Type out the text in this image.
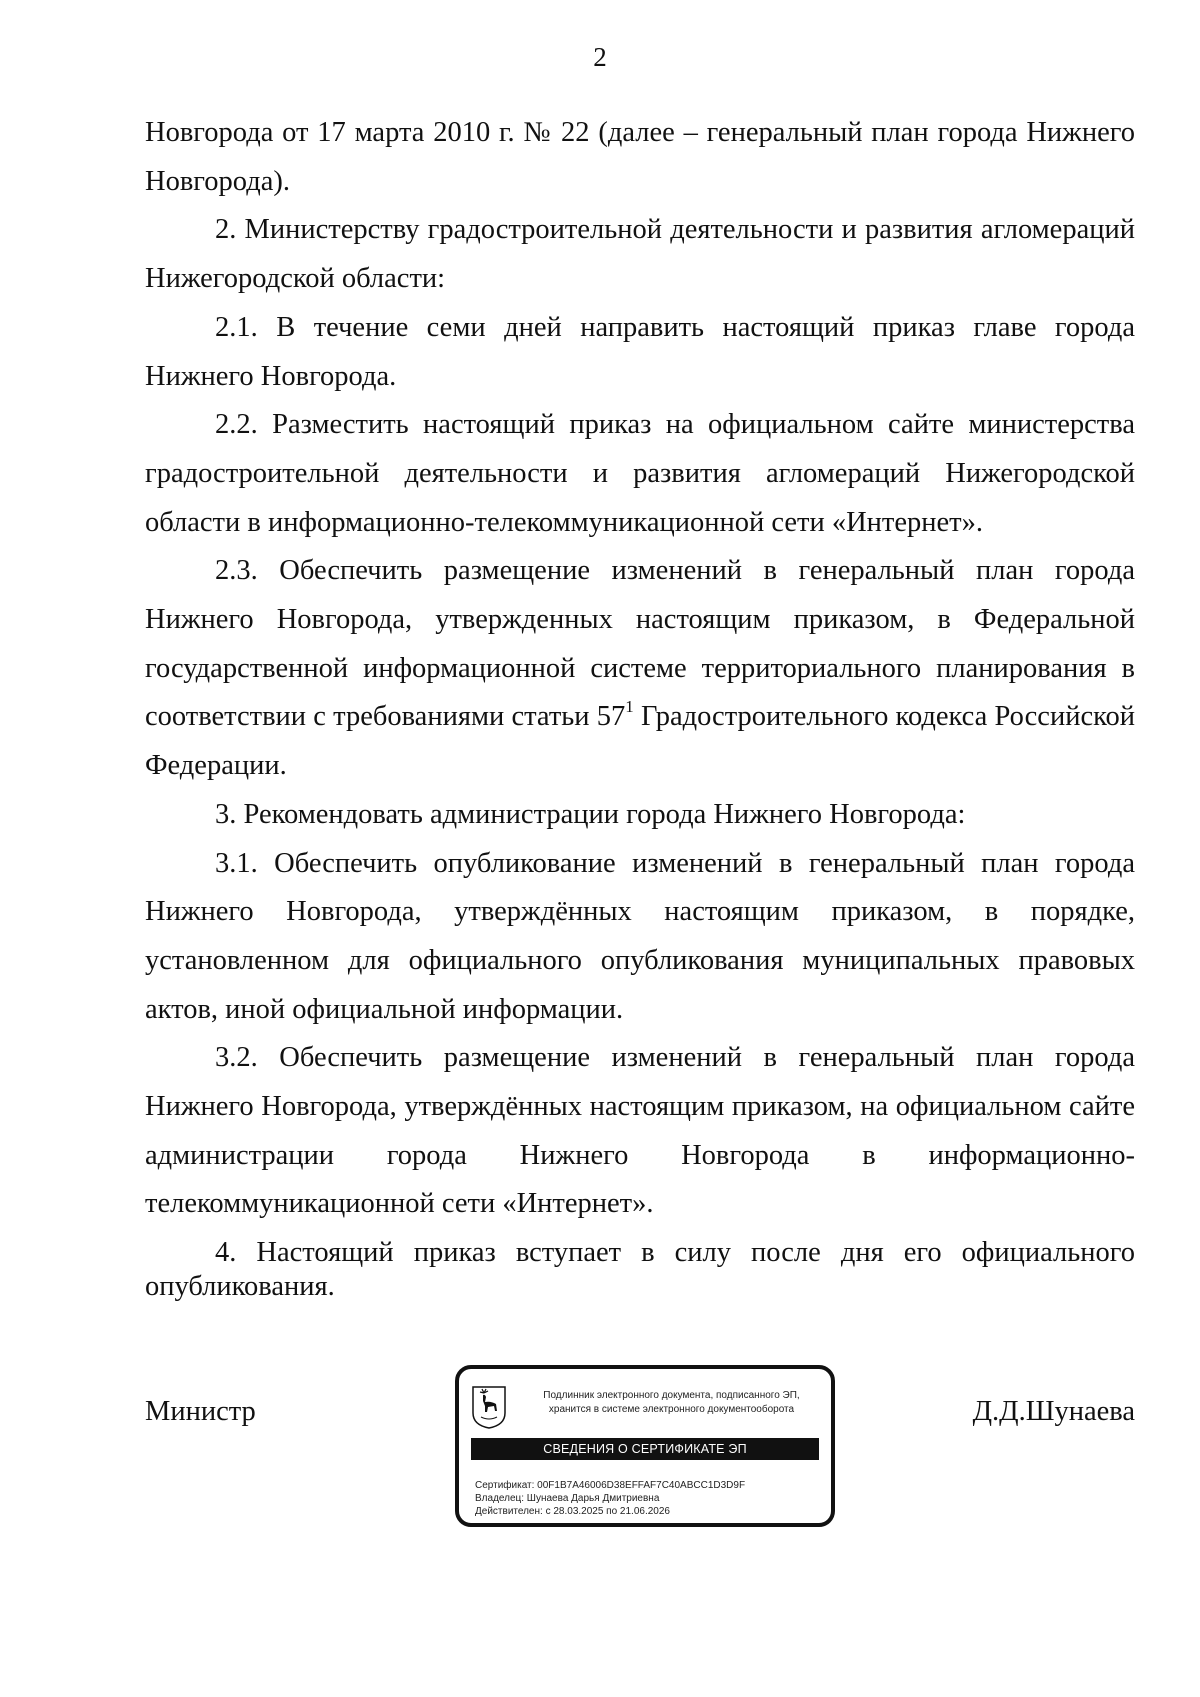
2

Новгорода от 17 марта 2010 г. № 22 (далее – генеральный план города Нижнего Новгорода).

2. Министерству градостроительной деятельности и развития агломераций Нижегородской области:

2.1. В течение семи дней направить настоящий приказ главе города Нижнего Новгорода.

2.2. Разместить настоящий приказ на официальном сайте министерства градостроительной деятельности и развития агломераций Нижегородской области в информационно-телекоммуникационной сети «Интернет».

2.3. Обеспечить размещение изменений в генеральный план города Нижнего Новгорода, утвержденных настоящим приказом, в Федеральной государственной информационной системе территориального планирования в соответствии с требованиями статьи $57^1$ Градостроительного кодекса Российской Федерации.

3. Рекомендовать администрации города Нижнего Новгорода:

3.1. Обеспечить опубликование изменений в генеральный план города Нижнего Новгорода, утверждённых настоящим приказом, в порядке, установленном для официального опубликования муниципальных правовых актов, иной официальной информации.

3.2. Обеспечить размещение изменений в генеральный план города Нижнего Новгорода, утверждённых настоящим приказом, на официальном сайте администрации города Нижнего Новгорода в информационно-телекоммуникационной сети «Интернет».

4. Настоящий приказ вступает в силу после дня его официального опубликования.

Министр	Д.Д.Шунаева
Подлинник электронного документа, подписанного ЭП,
хранится в системе электронного документооборота
СВЕДЕНИЯ О СЕРТИФИКАТЕ ЭП
Сертификат: 00F1B7A46006D38EFFAF7C40ABCC1D3D9F
Владелец: Шунаева Дарья Дмитриевна
Действителен: с 28.03.2025 по 21.06.2026
